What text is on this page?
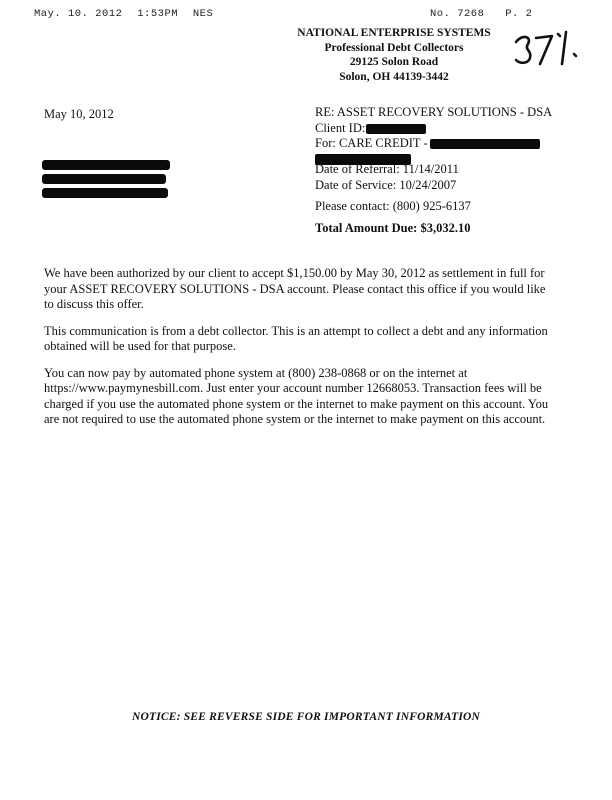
May. 10. 2012 1:53PM NES	No. 7268 P. 2
NATIONAL ENTERPRISE SYSTEMS
Professional Debt Collectors
29125 Solon Road
Solon, OH 44139-3442
May 10, 2012	RE: ASSET RECOVERY SOLUTIONS - DSA
Client ID:
For: CARE CREDIT -
Date of Referral: 11/14/2011
Date of Service: 10/24/2007
Please contact: (800) 925-6137
Total Amount Due: $3,032.10

We have been authorized by our client to accept $1,150.00 by May 30, 2012 as settlement in full for your ASSET RECOVERY SOLUTIONS - DSA account. Please contact this office if you would like to discuss this offer.

This communication is from a debt collector. This is an attempt to collect a debt and any information obtained will be used for that purpose.

You can now pay by automated phone system at (800) 238-0868 or on the internet at https://www.paymynesbill.com. Just enter your account number 12668053. Transaction fees will be charged if you use the automated phone system or the internet to make payment on this account. You are not required to use the automated phone system or the internet to make payment on this account.

NOTICE: SEE REVERSE SIDE FOR IMPORTANT INFORMATION
